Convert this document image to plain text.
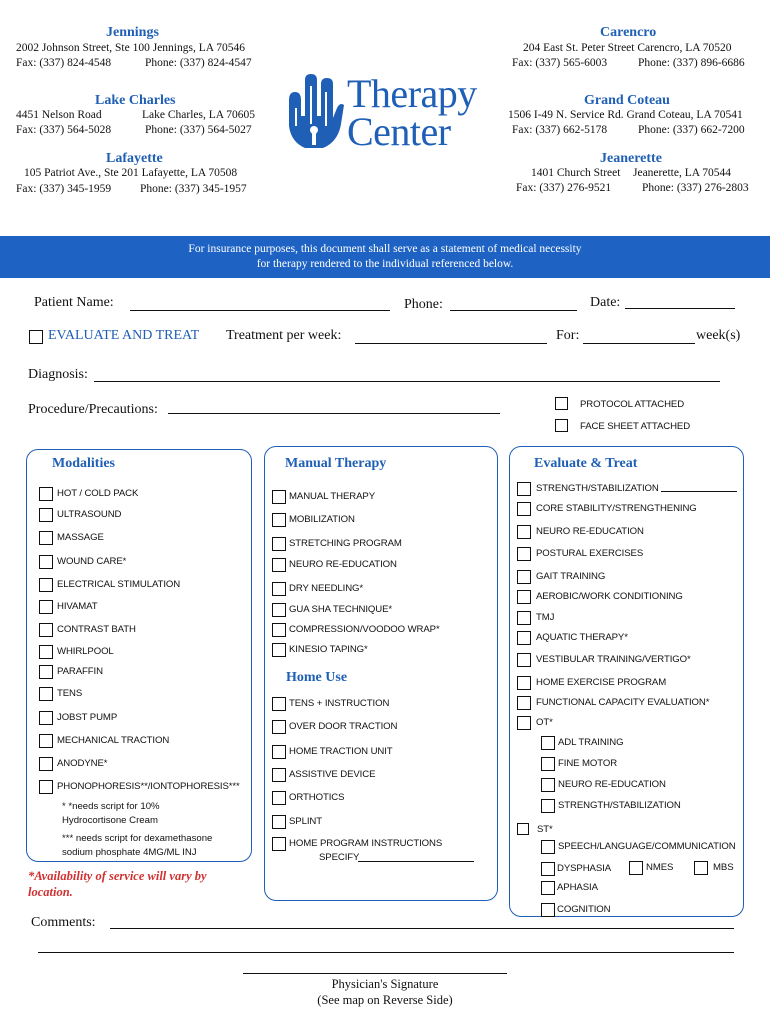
Jennings
2002 Johnson Street, Ste 100 Jennings, LA 70546
Fax: (337) 824-4548	Phone: (337) 824-4547
Lake Charles
4451 Nelson Road	Lake Charles, LA 70605
Fax: (337) 564-5028	Phone: (337) 564-5027
Lafayette
105 Patriot Ave., Ste 201 Lafayette, LA 70508
Fax: (337) 345-1959	Phone: (337) 345-1957
Carencro
204 East St. Peter Street Carencro, LA 70520
Fax: (337) 565-6003	Phone: (337) 896-6686
Grand Coteau
1506 I-49 N. Service Rd. Grand Coteau, LA 70541
Fax: (337) 662-5178	Phone: (337) 662-7200
Jeanerette
1401 Church Street Jeanerette, LA 70544
Fax: (337) 276-9521	Phone: (337) 276-2803
Therapy
Center
For insurance purposes, this document shall serve as a statement of medical necessity
for therapy rendered to the individual referenced below.
Patient Name:	Phone:	Date:
EVALUATE AND TREAT Treatment per week:	For:	week(s)
Diagnosis:
Procedure/Precautions:	PROTOCOL ATTACHED
FACE SHEET ATTACHED
Modalities	Manual Therapy	Evaluate & Treat
Home Use
HOT / COLD PACK
ULTRASOUND
MASSAGE
WOUND CARE*
ELECTRICAL STIMULATION
HIVAMAT
CONTRAST BATH
WHIRLPOOL
PARAFFIN
TENS
JOBST PUMP
MECHANICAL TRACTION
ANODYNE*
PHONOPHORESIS**/IONTOPHORESIS***
* *needs script for 10%
Hydrocortisone Cream
*** needs script for dexamethasone
sodium phosphate 4MG/ML INJ
*Availability of service will vary by
location.
MANUAL THERAPY
MOBILIZATION
STRETCHING PROGRAM
NEURO RE-EDUCATION
DRY NEEDLING*
GUA SHA TECHNIQUE*
COMPRESSION/VOODOO WRAP*
KINESIO TAPING*
TENS + INSTRUCTION
OVER DOOR TRACTION
HOME TRACTION UNIT
ASSISTIVE DEVICE
ORTHOTICS
SPLINT
HOME PROGRAM INSTRUCTIONS
SPECIFY
STRENGTH/STABILIZATION
CORE STABILITY/STRENGTHENING
NEURO RE-EDUCATION
POSTURAL EXERCISES
GAIT TRAINING
AEROBIC/WORK CONDITIONING
TMJ
AQUATIC THERAPY*
VESTIBULAR TRAINING/VERTIGO*
HOME EXERCISE PROGRAM
FUNCTIONAL CAPACITY EVALUATION*
OT*
ADL TRAINING
FINE MOTOR
NEURO RE-EDUCATION
STRENGTH/STABILIZATION
ST*
SPEECH/LANGUAGE/COMMUNICATION
DYSPHASIA	NMES	MBS
APHASIA
COGNITION
Comments:
Physician's Signature
(See map on Reverse Side)
